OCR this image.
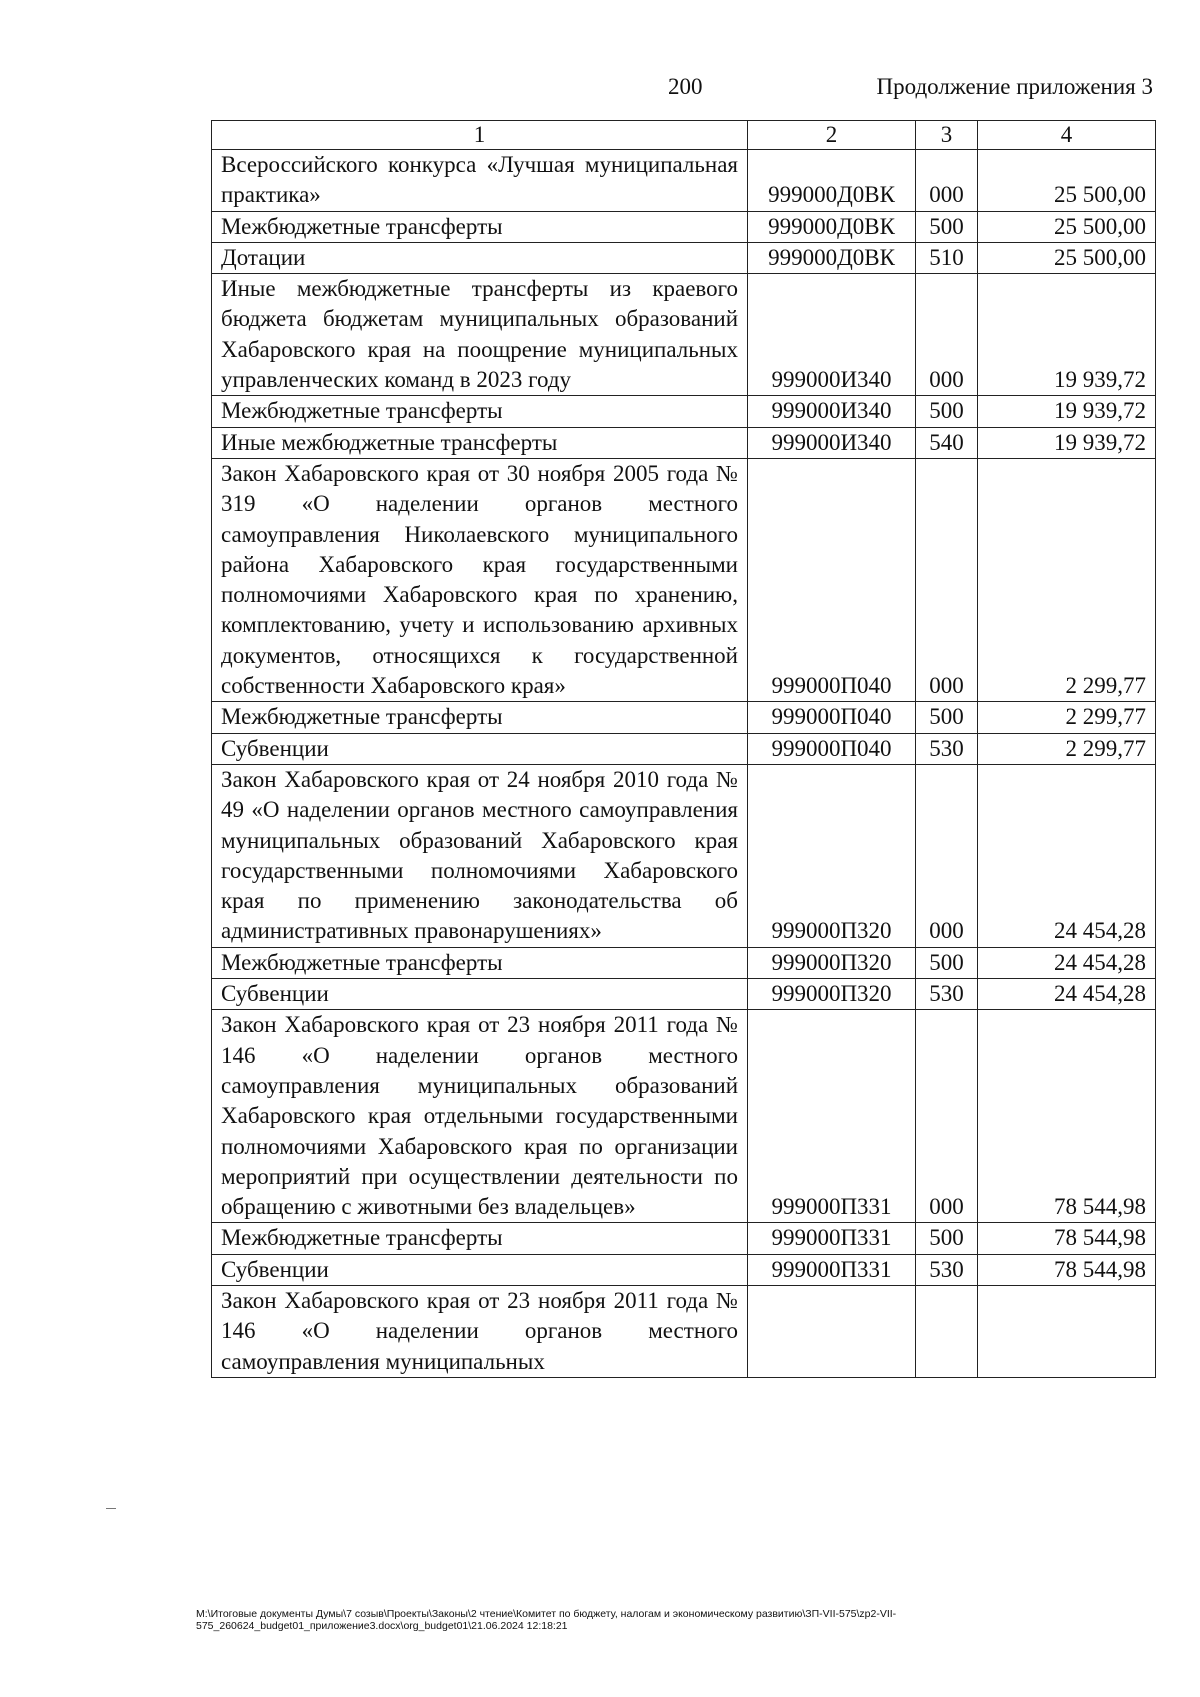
200	Продолжение приложения 3
1	2	3	4
Всероссийского конкурса «Лучшая муниципальная практика»	999000Д0ВК	000	25 500,00
Межбюджетные трансферты	999000Д0ВК	500	25 500,00
Дотации	999000Д0ВК	510	25 500,00
Иные межбюджетные трансферты из краевого бюджета бюджетам муниципальных образований Хабаровского края на поощрение муниципальных управленческих команд в 2023 году	999000И340	000	19 939,72
Межбюджетные трансферты	999000И340	500	19 939,72
Иные межбюджетные трансферты	999000И340	540	19 939,72
Закон Хабаровского края от 30 ноября 2005 года № 319 «О наделении органов местного самоуправления Николаевского муниципального района Хабаровского края государственными полномочиями Хабаровского края по хранению, комплектованию, учету и использованию архивных документов, относящихся к государственной собственности Хабаровского края»	999000П040	000	2 299,77
Межбюджетные трансферты	999000П040	500	2 299,77
Субвенции	999000П040	530	2 299,77
Закон Хабаровского края от 24 ноября 2010 года № 49 «О наделении органов местного самоуправления муниципальных образований Хабаровского края государственными полномочиями Хабаровского края по применению законодательства об административных правонарушениях»	999000П320	000	24 454,28
Межбюджетные трансферты	999000П320	500	24 454,28
Субвенции	999000П320	530	24 454,28
Закон Хабаровского края от 23 ноября 2011 года № 146 «О наделении органов местного самоуправления муниципальных образований Хабаровского края отдельными государственными полномочиями Хабаровского края по организации мероприятий при осуществлении деятельности по обращению с животными без владельцев»	999000П331	000	78 544,98
Межбюджетные трансферты	999000П331	500	78 544,98
Субвенции	999000П331	530	78 544,98
Закон Хабаровского края от 23 ноября 2011 года № 146 «О наделении органов местного самоуправления муниципальных			
M:\Итоговые документы Думы\7 созыв\Проекты\Законы\2 чтение\Комитет по бюджету, налогам и экономическому развитию\ЗП-VII-575\zp2-VII-575_260624_budget01_приложение3.docx\org_budget01\21.06.2024 12:18:21
